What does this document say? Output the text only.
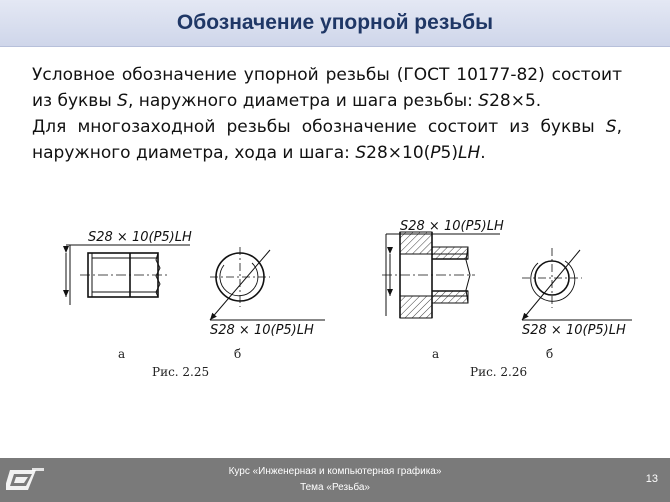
Обозначение упорной резьбы

Условное обозначение упорной резьбы (ГОСТ 10177-82) состоит из буквы S, наружного диаметра и шага резьбы: S28×5.

Для многозаходной резьбы обозначение состоит из буквы S, наружного диаметра, хода и шага: S28×10(P5)LH.

S28 × 10(P5)LH
S28 × 10(P5)LH
а	б
Рис. 2.25
S28 × 10(P5)LH
S28 × 10(P5)LH
а	б
Рис. 2.26
Курс «Инженерная и компьютерная графика»
Тема «Резьба»
13
